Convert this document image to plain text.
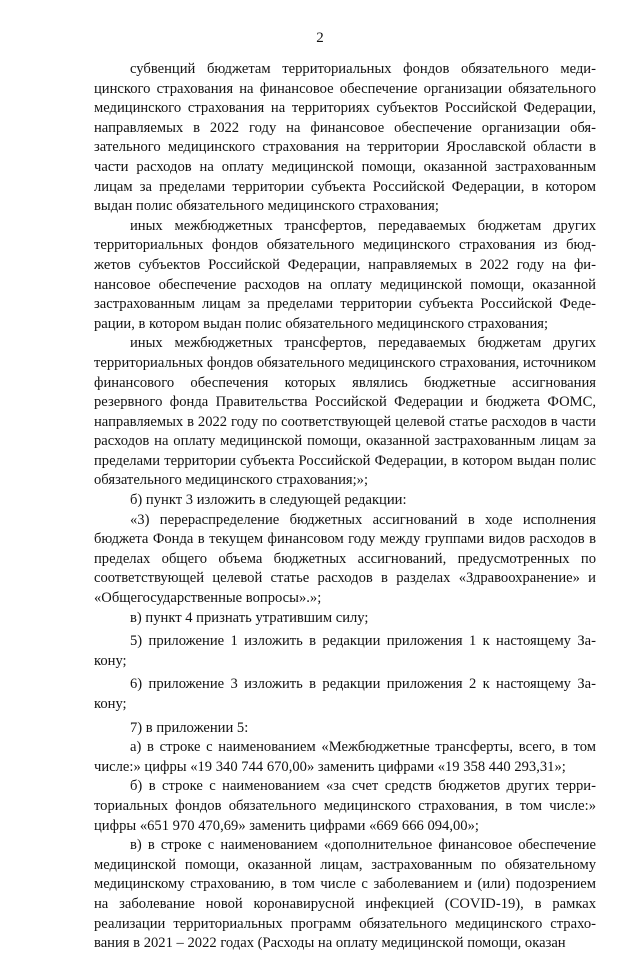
2

субвенций бюджетам территориальных фондов обязательного медицинского страхования на финансовое обеспечение организации обязательного медицинского страхования на территориях субъектов Российской Федерации, направляемых в 2022 году на финансовое обеспечение организации обязательного медицинского страхования на территории Ярославской области в части расходов на оплату медицинской помощи, оказанной застрахованным лицам за пределами территории субъекта Российской Федерации, в котором выдан полис обязательного медицинского страхования;

иных межбюджетных трансфертов, передаваемых бюджетам других территориальных фондов обязательного медицинского страхования из бюджетов субъектов Российской Федерации, направляемых в 2022 году на финансовое обеспечение расходов на оплату медицинской помощи, оказанной застрахованным лицам за пределами территории субъекта Российской Федерации, в котором выдан полис обязательного медицинского страхования;

иных межбюджетных трансфертов, передаваемых бюджетам других территориальных фондов обязательного медицинского страхования, источником финансового обеспечения которых являлись бюджетные ассигнования резервного фонда Правительства Российской Федерации и бюджета ФОМС, направляемых в 2022 году по соответствующей целевой статье расходов в части расходов на оплату медицинской помощи, оказанной застрахованным лицам за пределами территории субъекта Российской Федерации, в котором выдан полис обязательного медицинского страхования;»;

б) пункт 3 изложить в следующей редакции:

«3) перераспределение бюджетных ассигнований в ходе исполнения бюджета Фонда в текущем финансовом году между группами видов расходов в пределах общего объема бюджетных ассигнований, предусмотренных по соответствующей целевой статье расходов в разделах «Здравоохранение» и «Общегосударственные вопросы».»;

в) пункт 4 признать утратившим силу;

5) приложение 1 изложить в редакции приложения 1 к настоящему Закону;

6) приложение 3 изложить в редакции приложения 2 к настоящему Закону;

7) в приложении 5:

а) в строке с наименованием «Межбюджетные трансферты, всего, в том числе:» цифры «19 340 744 670,00» заменить цифрами «19 358 440 293,31»;

б) в строке с наименованием «за счет средств бюджетов других территориальных фондов обязательного медицинского страхования, в том числе:» цифры «651 970 470,69» заменить цифрами «669 666 094,00»;

в) в строке с наименованием «дополнительное финансовое обеспечение медицинской помощи, оказанной лицам, застрахованным по обязательному медицинскому страхованию, в том числе с заболеванием и (или) подозрением на заболевание новой коронавирусной инфекцией (COVID-19), в рамках реализации территориальных программ обязательного медицинского страхования в 2021 – 2022 годах (Расходы на оплату медицинской помощи, оказан
